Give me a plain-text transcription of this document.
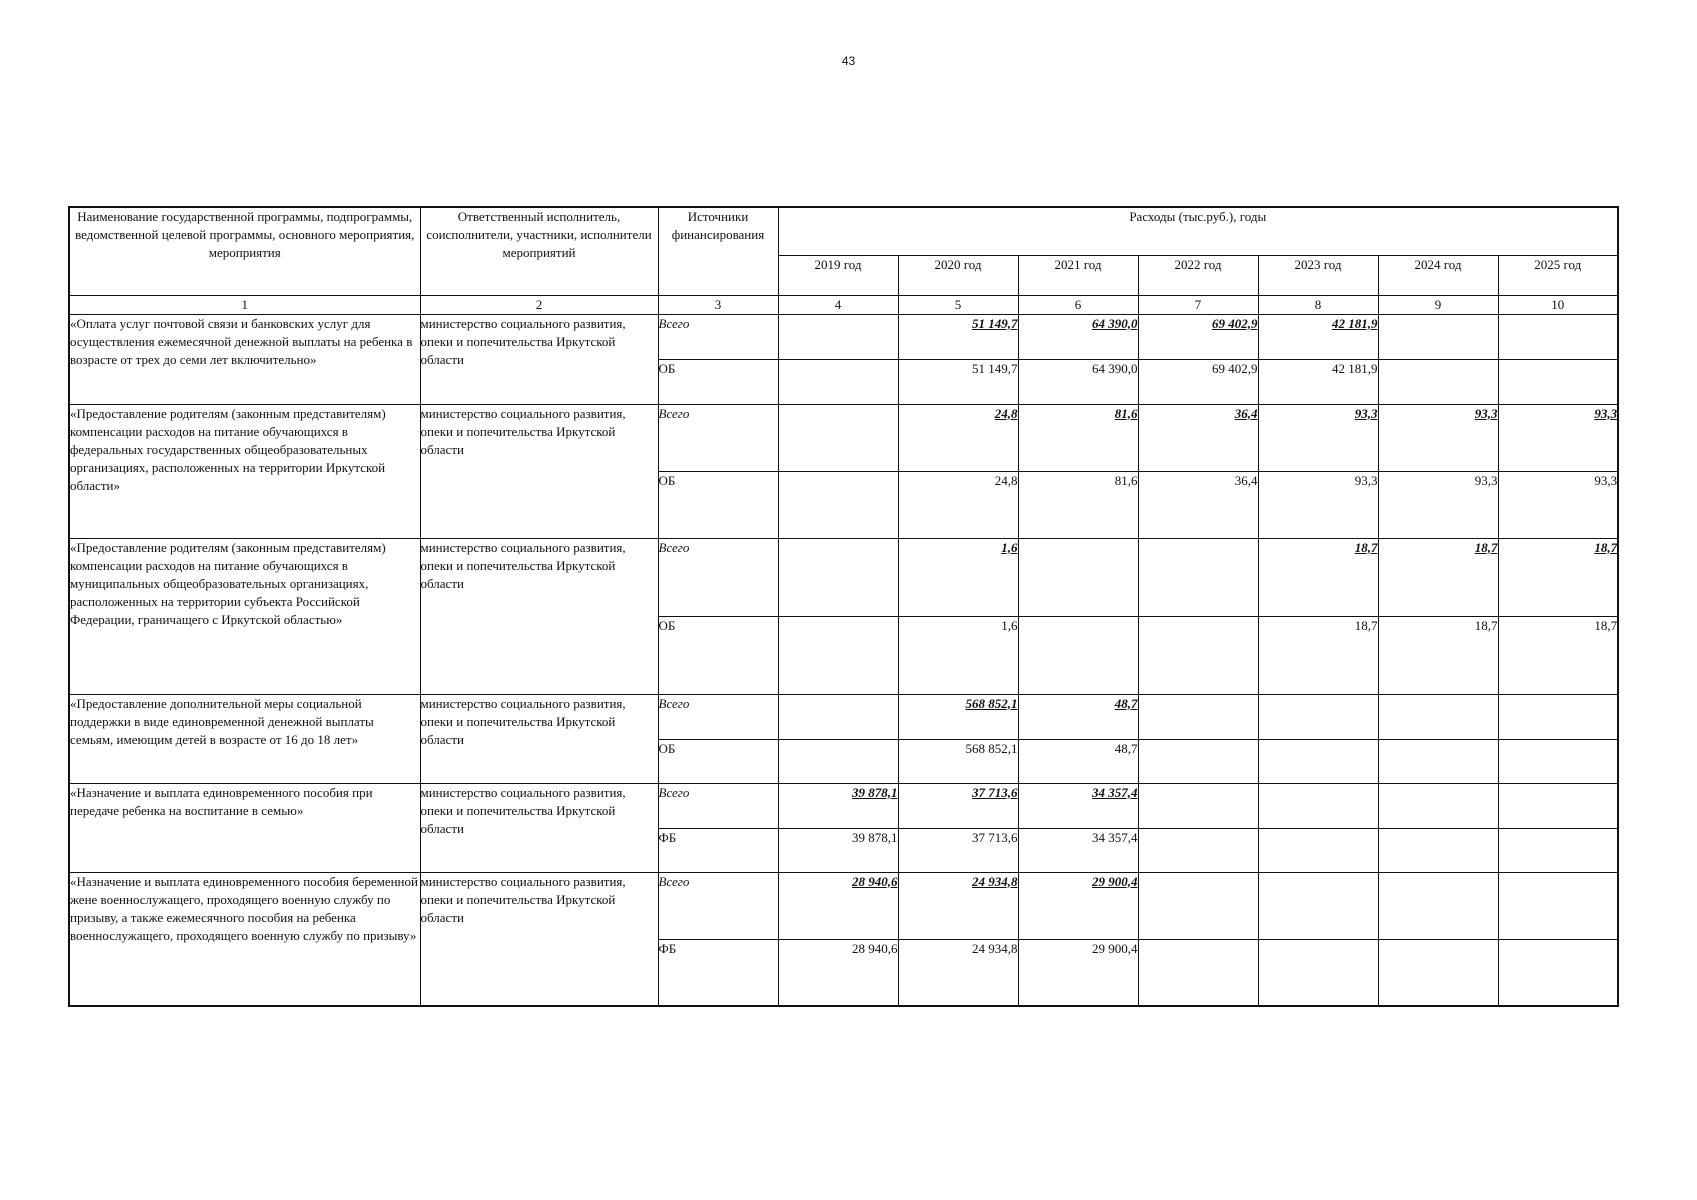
43
Наименование государственной программы, подпрограммы, ведомственной целевой программы, основного мероприятия, мероприятия	Ответственный исполнитель, соисполнители, участники, исполнители мероприятий	Источники финансирования	Расходы (тыс.руб.), годы						
			2019 год	2020 год	2021 год	2022 год	2023 год	2024 год	2025 год
1	2	3	4	5	6	7	8	9	10
«Оплата услуг почтовой связи и банковских услуг для осуществления ежемесячной денежной выплаты на ребенка в возрасте от трех до семи лет включительно»	министерство социального развития, опеки и попечительства Иркутской области	Всего		51 149,7	64 390,0	69 402,9	42 181,9		
		ОБ		51 149,7	64 390,0	69 402,9	42 181,9		
«Предоставление родителям (законным представителям) компенсации расходов на питание обучающихся в федеральных государственных общеобразовательных организациях, расположенных на территории Иркутской области»	министерство социального развития, опеки и попечительства Иркутской области	Всего		24,8	81,6	36,4	93,3	93,3	93,3
		ОБ		24,8	81,6	36,4	93,3	93,3	93,3
«Предоставление родителям (законным представителям) компенсации расходов на питание обучающихся в муниципальных общеобразовательных организациях, расположенных на территории субъекта Российской Федерации, граничащего с Иркутской областью»	министерство социального развития, опеки и попечительства Иркутской области	Всего		1,6			18,7	18,7	18,7
		ОБ		1,6			18,7	18,7	18,7
«Предоставление дополнительной меры социальной поддержки в виде единовременной денежной выплаты семьям, имеющим детей в возрасте от 16 до 18 лет»	министерство социального развития, опеки и попечительства Иркутской области	Всего		568 852,1	48,7				
		ОБ		568 852,1	48,7				
«Назначение и выплата единовременного пособия при передаче ребенка на воспитание в семью»	министерство социального развития, опеки и попечительства Иркутской области	Всего	39 878,1	37 713,6	34 357,4				
		ФБ	39 878,1	37 713,6	34 357,4				
«Назначение и выплата единовременного пособия беременной жене военнослужащего, проходящего военную службу по призыву, а также ежемесячного пособия на ребенка военнослужащего, проходящего военную службу по призыву»	министерство социального развития, опеки и попечительства Иркутской области	Всего	28 940,6	24 934,8	29 900,4				
		ФБ	28 940,6	24 934,8	29 900,4				
